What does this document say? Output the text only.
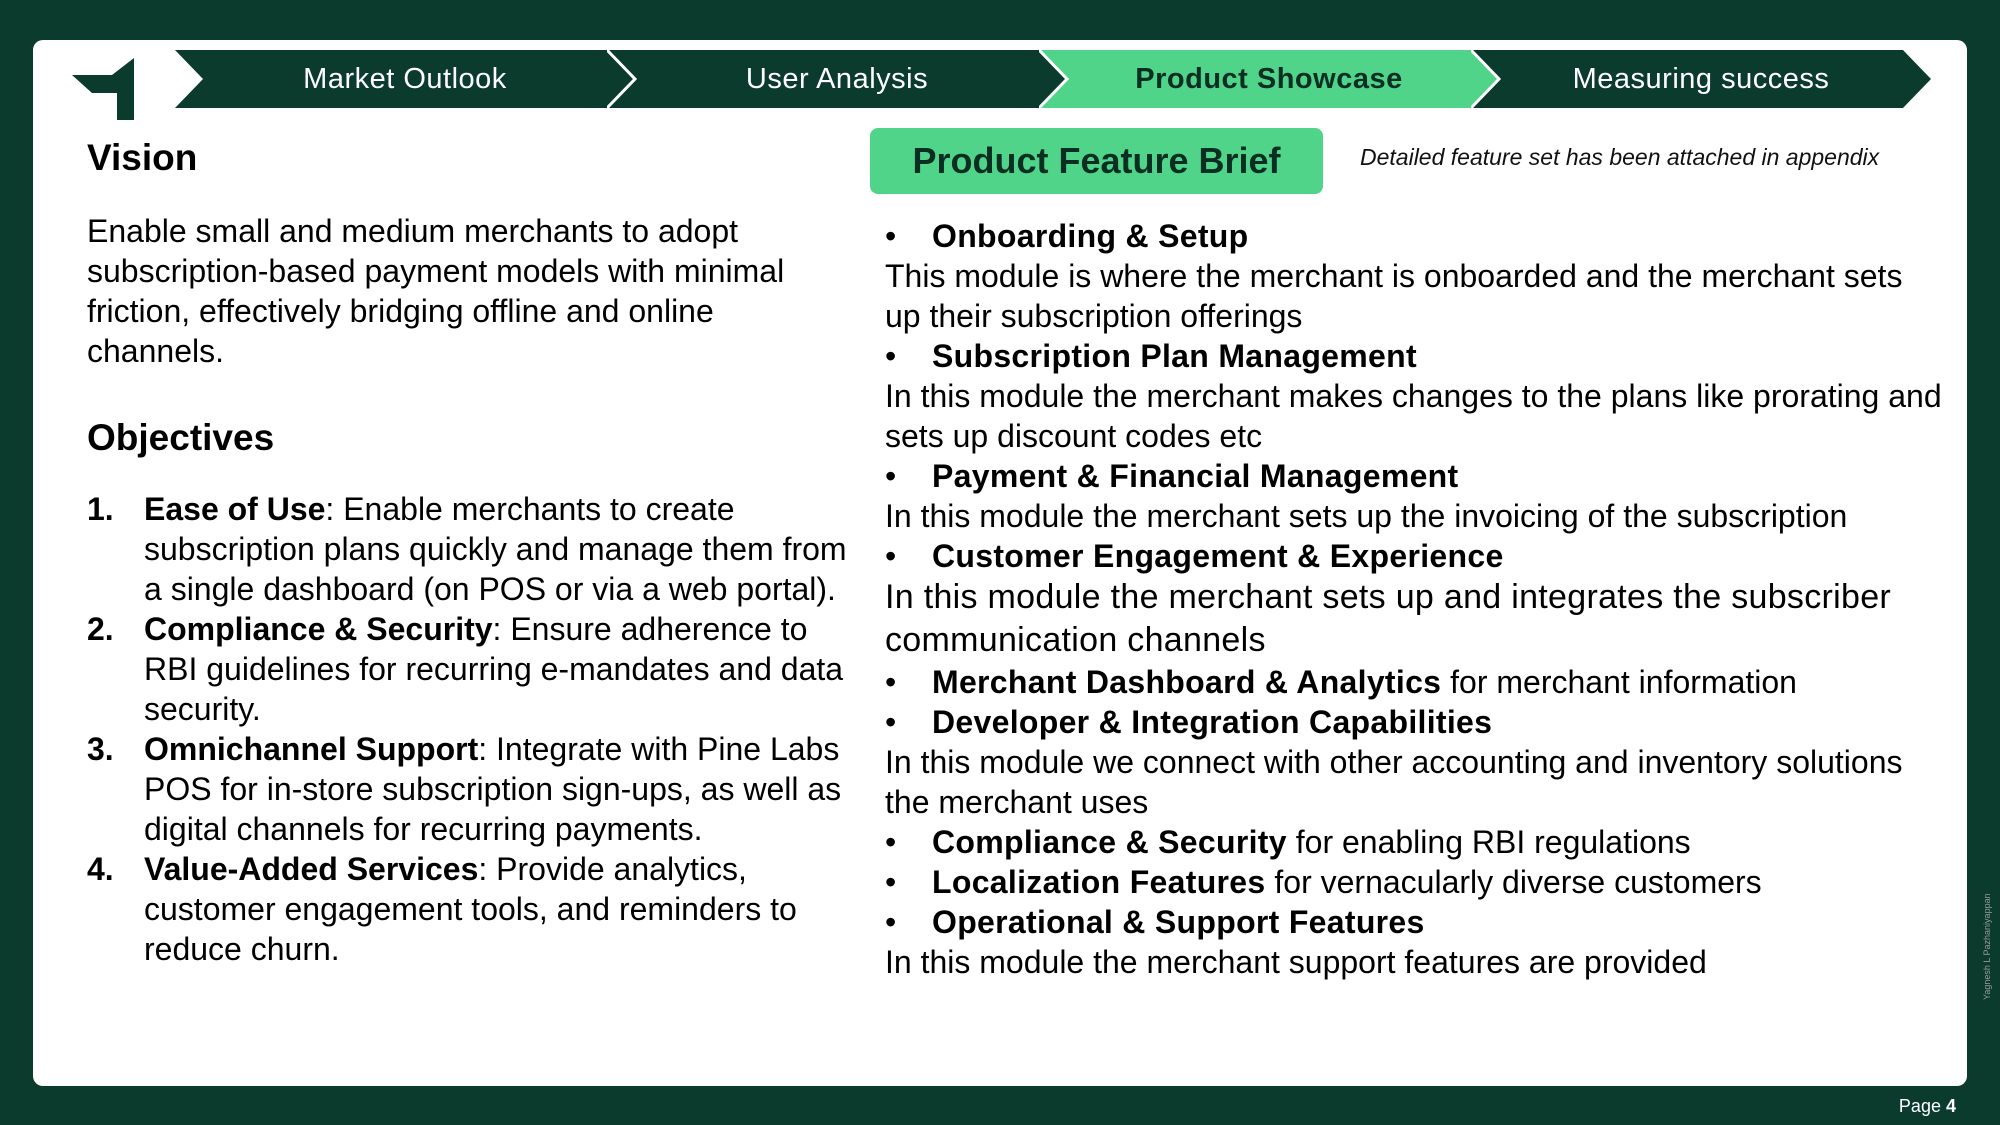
Market Outlook	User Analysis	Product Showcase	Measuring success
Vision
Enable small and medium merchants to adopt subscription-based payment models with minimal friction, effectively bridging offline and online channels.
Objectives
1. Ease of Use: Enable merchants to create subscription plans quickly and manage them from a single dashboard (on POS or via a web portal).
2. Compliance & Security: Ensure adherence to RBI guidelines for recurring e-mandates and data security.
3. Omnichannel Support: Integrate with Pine Labs POS for in-store subscription sign-ups, as well as digital channels for recurring payments.
4. Value-Added Services: Provide analytics, customer engagement tools, and reminders to reduce churn.
Product Feature Brief	Detailed feature set has been attached in appendix
• Onboarding & Setup
This module is where the merchant is onboarded and the merchant sets up their subscription offerings
• Subscription Plan Management
In this module the merchant makes changes to the plans like prorating and sets up discount codes etc
• Payment & Financial Management
In this module the merchant sets up the invoicing of the subscription
• Customer Engagement & Experience
In this module the merchant sets up and integrates the subscriber communication channels
• Merchant Dashboard & Analytics for merchant information
• Developer & Integration Capabilities
In this module we connect with other accounting and inventory solutions the merchant uses
• Compliance & Security for enabling RBI regulations
• Localization Features for vernacularly diverse customers
• Operational & Support Features
In this module the merchant support features are provided	Yagnesh L Pazhaniyappan
Page 4
